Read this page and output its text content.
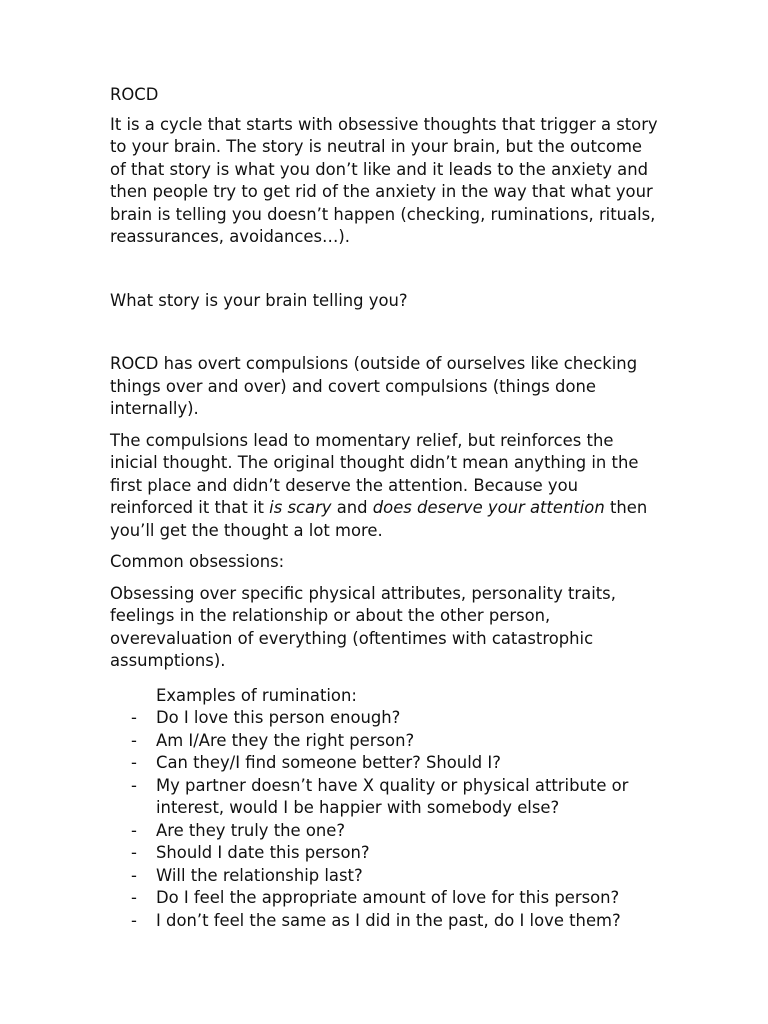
ROCD

It is a cycle that starts with obsessive thoughts that trigger a story to your brain. The story is neutral in your brain, but the outcome of that story is what you don’t like and it leads to the anxiety and then people try to get rid of the anxiety in the way that what your brain is telling you doesn’t happen (checking, ruminations, rituals, reassurances, avoidances…).

What story is your brain telling you?

ROCD has overt compulsions (outside of ourselves like checking things over and over) and covert compulsions (things done internally).

The compulsions lead to momentary relief, but reinforces the inicial thought. The original thought didn’t mean anything in the first place and didn’t deserve the attention. Because you reinforced it that it is scary and does deserve your attention then you’ll get the thought a lot more.

Common obsessions:

Obsessing over specific physical attributes, personality traits, feelings in the relationship or about the other person, overevaluation of everything (oftentimes with catastrophic assumptions).

Examples of rumination:

- Do I love this person enough?
- Am I/Are they the right person?
- Can they/I find someone better? Should I?
- My partner doesn’t have X quality or physical attribute or interest, would I be happier with somebody else?
- Are they truly the one?
- Should I date this person?
- Will the relationship last?
- Do I feel the appropriate amount of love for this person?
- I don’t feel the same as I did in the past, do I love them?
